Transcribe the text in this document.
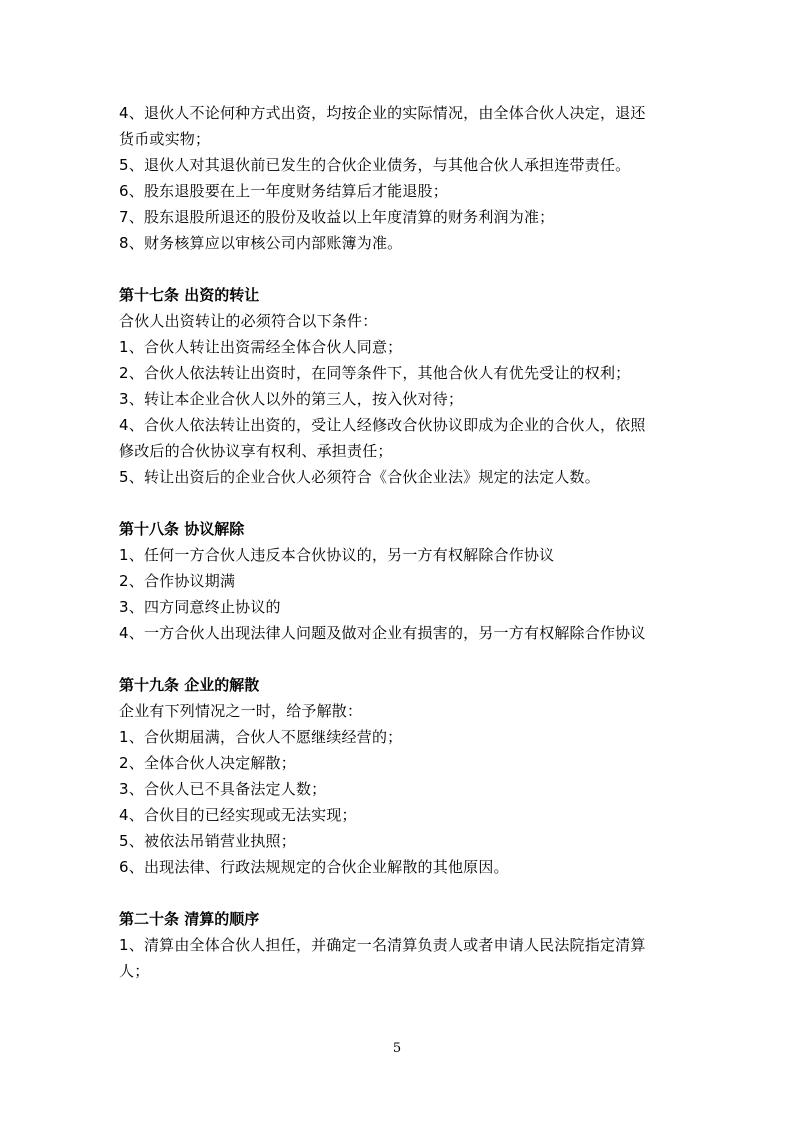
4、退伙人不论何种方式出资，均按企业的实际情况，由全体合伙人决定，退还
货币或实物；
5、退伙人对其退伙前已发生的合伙企业债务，与其他合伙人承担连带责任。
6、股东退股要在上一年度财务结算后才能退股；
7、股东退股所退还的股份及收益以上年度清算的财务利润为准；
8、财务核算应以审核公司内部账簿为准。
第十七条 出资的转让
合伙人出资转让的必须符合以下条件：
1、合伙人转让出资需经全体合伙人同意；
2、合伙人依法转让出资时，在同等条件下，其他合伙人有优先受让的权利；
3、转让本企业合伙人以外的第三人，按入伙对待；
4、合伙人依法转让出资的，受让人经修改合伙协议即成为企业的合伙人，依照
修改后的合伙协议享有权利、承担责任；
5、转让出资后的企业合伙人必须符合《合伙企业法》规定的法定人数。
第十八条 协议解除
1、任何一方合伙人违反本合伙协议的，另一方有权解除合作协议
2、合作协议期满
3、四方同意终止协议的
4、一方合伙人出现法律人问题及做对企业有损害的，另一方有权解除合作协议
第十九条 企业的解散
企业有下列情况之一时，给予解散：
1、合伙期届满，合伙人不愿继续经营的；
2、全体合伙人决定解散；
3、合伙人已不具备法定人数；
4、合伙目的已经实现或无法实现；
5、被依法吊销营业执照；
6、出现法律、行政法规规定的合伙企业解散的其他原因。
第二十条 清算的顺序
1、清算由全体合伙人担任，并确定一名清算负责人或者申请人民法院指定清算
人；
5
